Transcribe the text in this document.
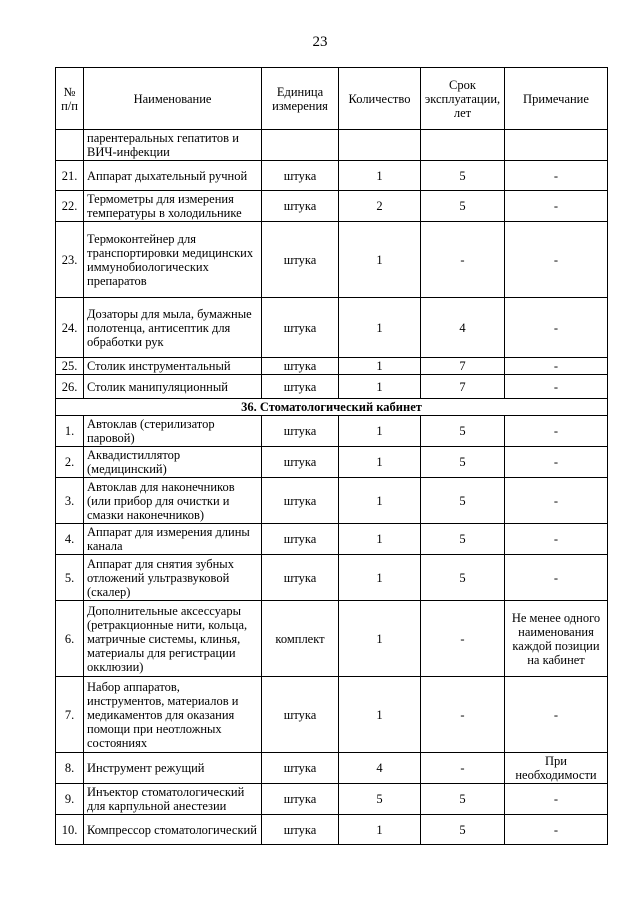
23
№ п/п	Наименование	Единица измерения	Количество	Срок эксплуатации, лет	Примечание
	парентеральных гепатитов и ВИЧ-инфекции				
21.	Аппарат дыхательный ручной	штука	1	5	-
22.	Термометры для измерения температуры в холодильнике	штука	2	5	-
23.	Термоконтейнер для транспортировки медицинских иммунобиологических препаратов	штука	1	-	-
24.	Дозаторы для мыла, бумажные полотенца, антисептик для обработки рук	штука	1	4	-
25.	Столик инструментальный	штука	1	7	-
26.	Столик манипуляционный	штука	1	7	-
36. Стоматологический кабинет					
1.	Автоклав (стерилизатор паровой)	штука	1	5	-
2.	Аквадистиллятор (медицинский)	штука	1	5	-
3.	Автоклав для наконечников (или прибор для очистки и смазки наконечников)	штука	1	5	-
4.	Аппарат для измерения длины канала	штука	1	5	-
5.	Аппарат для снятия зубных отложений ультразвуковой (скалер)	штука	1	5	-
6.	Дополнительные аксессуары (ретракционные нити, кольца, матричные системы, клинья, материалы для регистрации окклюзии)	комплект	1	-	Не менее одного наименования каждой позиции на кабинет
7.	Набор аппаратов, инструментов, материалов и медикаментов для оказания помощи при неотложных состояниях	штука	1	-	-
8.	Инструмент режущий	штука	4	-	При необходимости
9.	Инъектор стоматологический для карпульной анестезии	штука	5	5	-
10.	Компрессор стоматологический	штука	1	5	-
